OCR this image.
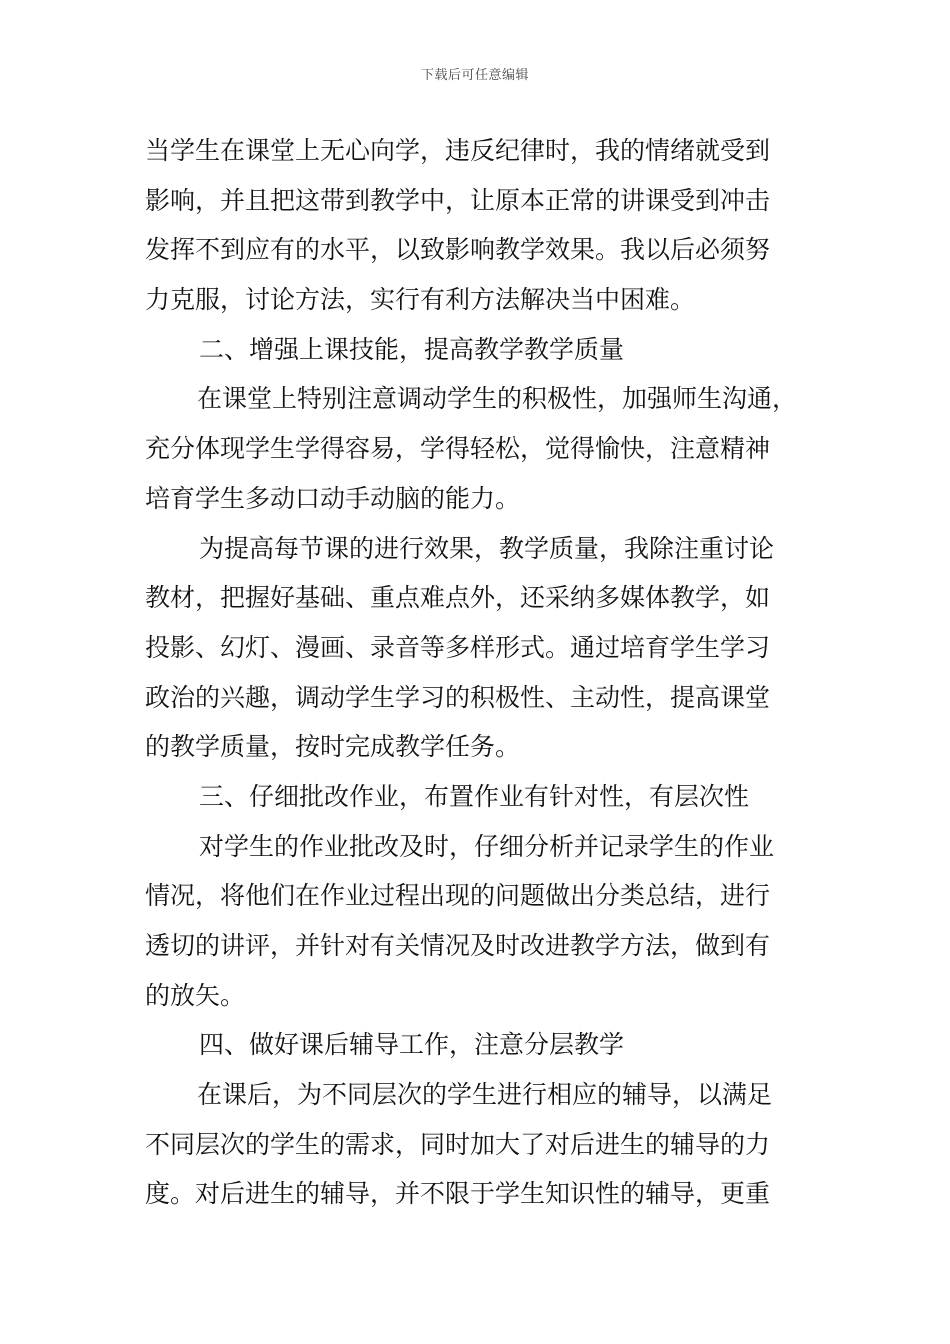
下载后可任意编辑
当学生在课堂上无心向学，违反纪律时，我的情绪就受到
影响，并且把这带到教学中，让原本正常的讲课受到冲击
发挥不到应有的水平，以致影响教学效果。我以后必须努
力克服，讨论方法，实行有利方法解决当中困难。
二、增强上课技能，提高教学教学质量
在课堂上特别注意调动学生的积极性，加强师生沟通，
充分体现学生学得容易，学得轻松，觉得愉快，注意精神
培育学生多动口动手动脑的能力。
为提高每节课的进行效果，教学质量，我除注重讨论
教材，把握好基础、重点难点外，还采纳多媒体教学，如
投影、幻灯、漫画、录音等多样形式。通过培育学生学习
政治的兴趣，调动学生学习的积极性、主动性，提高课堂
的教学质量，按时完成教学任务。
三、仔细批改作业，布置作业有针对性，有层次性
对学生的作业批改及时，仔细分析并记录学生的作业
情况，将他们在作业过程出现的问题做出分类总结，进行
透切的讲评，并针对有关情况及时改进教学方法，做到有
的放矢。
四、做好课后辅导工作，注意分层教学
在课后，为不同层次的学生进行相应的辅导，以满足
不同层次的学生的需求，同时加大了对后进生的辅导的力
度。对后进生的辅导，并不限于学生知识性的辅导，更重
